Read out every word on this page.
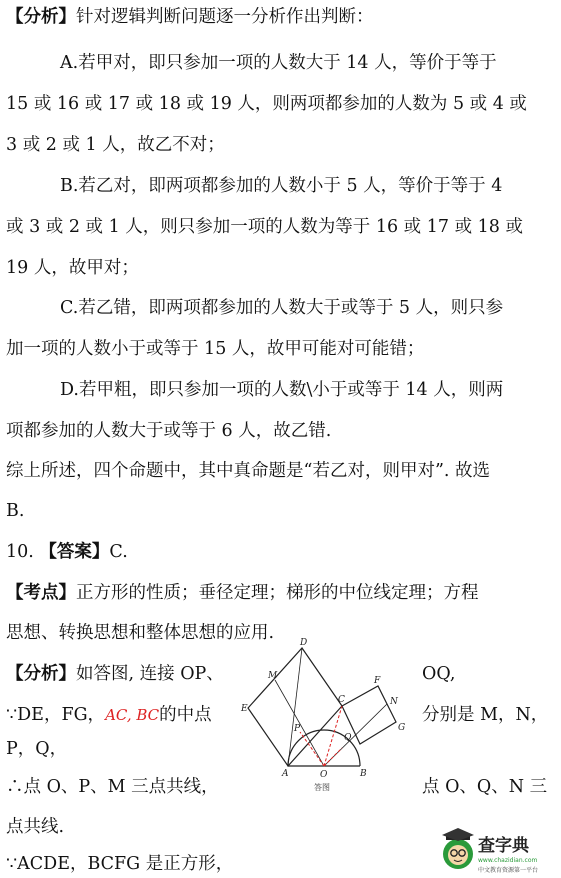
【分析】针对逻辑判断问题逐一分析作出判断：
A.若甲对，即只参加一项的人数大于 14 人，等价于等于
15 或 16 或 17 或 18 或 19 人，则两项都参加的人数为 5 或 4 或
3 或 2 或 1 人，故乙不对；
B.若乙对，即两项都参加的人数小于 5 人，等价于等于 4
或 3 或 2 或 1 人，则只参加一项的人数为等于 16 或 17 或 18 或
19 人，故甲对；
C.若乙错，即两项都参加的人数大于或等于 5 人，则只参
加一项的人数小于或等于 15 人，故甲可能对可能错；
D.若甲粗，即只参加一项的人数\小于或等于 14 人，则两
项都参加的人数大于或等于 6 人，故乙错.
综上所述，四个命题中，其中真命题是“若乙对，则甲对”. 故选
B.
10. 【答案】C.
【考点】正方形的性质；垂径定理；梯形的中位线定理；方程
思想、转换思想和整体思想的应用.
【分析】如答图, 连接 OP、	OQ,
∵DE，FG，AC, BC的中点	分别是 M，N，
P，Q，
∴点 O、P、M 三点共线，	点 O、Q、N 三
点共线.
∵ACDE，BCFG 是正方形，
D
M
E
P
C
F
N
Q
G
A	O	B
答图
查字典
www.chazidian.com
中文教育资源第一平台
